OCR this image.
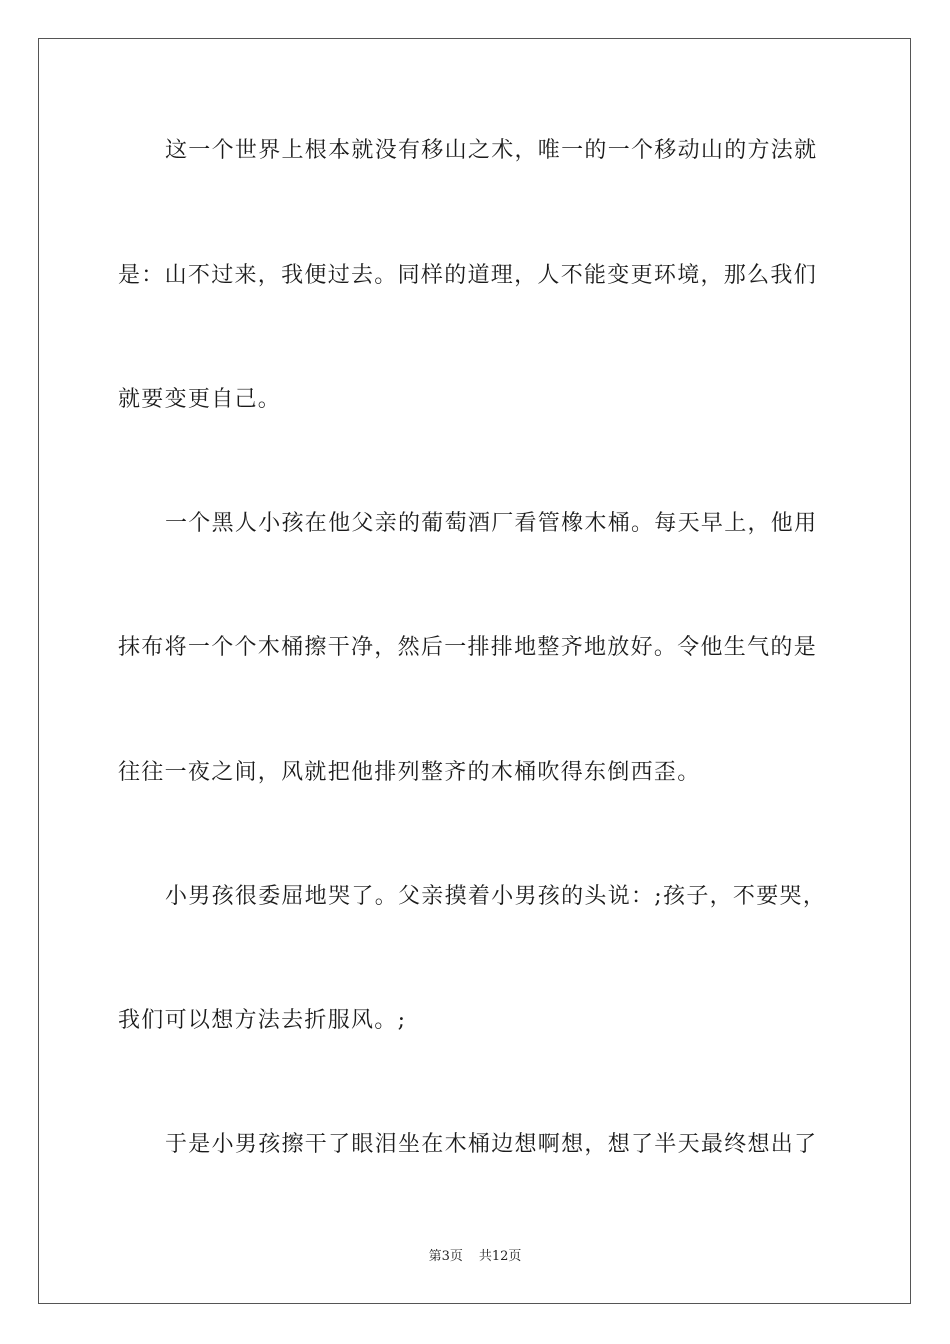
这一个世界上根本就没有移山之术，唯一的一个移动山的方法就
是：山不过来，我便过去。同样的道理，人不能变更环境，那么我们
就要变更自己。
一个黑人小孩在他父亲的葡萄酒厂看管橡木桶。每天早上，他用
抹布将一个个木桶擦干净，然后一排排地整齐地放好。令他生气的是
往往一夜之间，风就把他排列整齐的木桶吹得东倒西歪。
小男孩很委屈地哭了。父亲摸着小男孩的头说：;孩子，不要哭，
我们可以想方法去折服风。;
于是小男孩擦干了眼泪坐在木桶边想啊想，想了半天最终想出了
第3页 共12页
